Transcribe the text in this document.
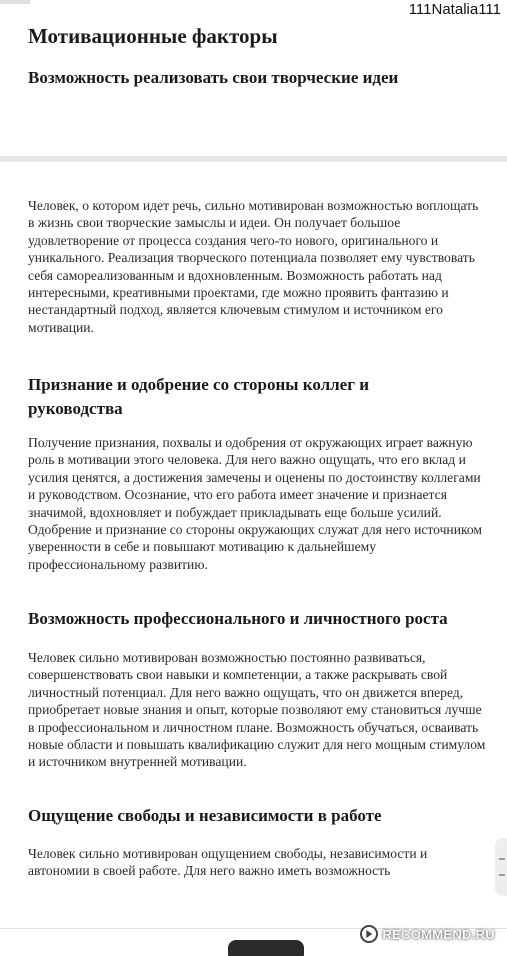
111Natalia111
Мотивационные факторы
Возможность реализовать свои творческие идеи

Человек, о котором идет речь, сильно мотивирован возможностью воплощать в жизнь свои творческие замыслы и идеи. Он получает большое удовлетворение от процесса создания чего-то нового, оригинального и уникального. Реализация творческого потенциала позволяет ему чувствовать себя самореализованным и вдохновленным. Возможность работать над интересными, креативными проектами, где можно проявить фантазию и нестандартный подход, является ключевым стимулом и источником его мотивации.

Признание и одобрение со стороны коллег и руководства

Получение признания, похвалы и одобрения от окружающих играет важную роль в мотивации этого человека. Для него важно ощущать, что его вклад и усилия ценятся, а достижения замечены и оценены по достоинству коллегами и руководством. Осознание, что его работа имеет значение и признается значимой, вдохновляет и побуждает прикладывать еще больше усилий. Одобрение и признание со стороны окружающих служат для него источником уверенности в себе и повышают мотивацию к дальнейшему профессиональному развитию.

Возможность профессионального и личностного роста

Человек сильно мотивирован возможностью постоянно развиваться, совершенствовать свои навыки и компетенции, а также раскрывать свой личностный потенциал. Для него важно ощущать, что он движется вперед, приобретает новые знания и опыт, которые позволяют ему становиться лучше в профессиональном и личностном плане. Возможность обучаться, осваивать новые области и повышать квалификацию служит для него мощным стимулом и источником внутренней мотивации.

Ощущение свободы и независимости в работе

Человек сильно мотивирован ощущением свободы, независимости и автономии в своей работе. Для него важно иметь возможность

RECOMMEND.RU
